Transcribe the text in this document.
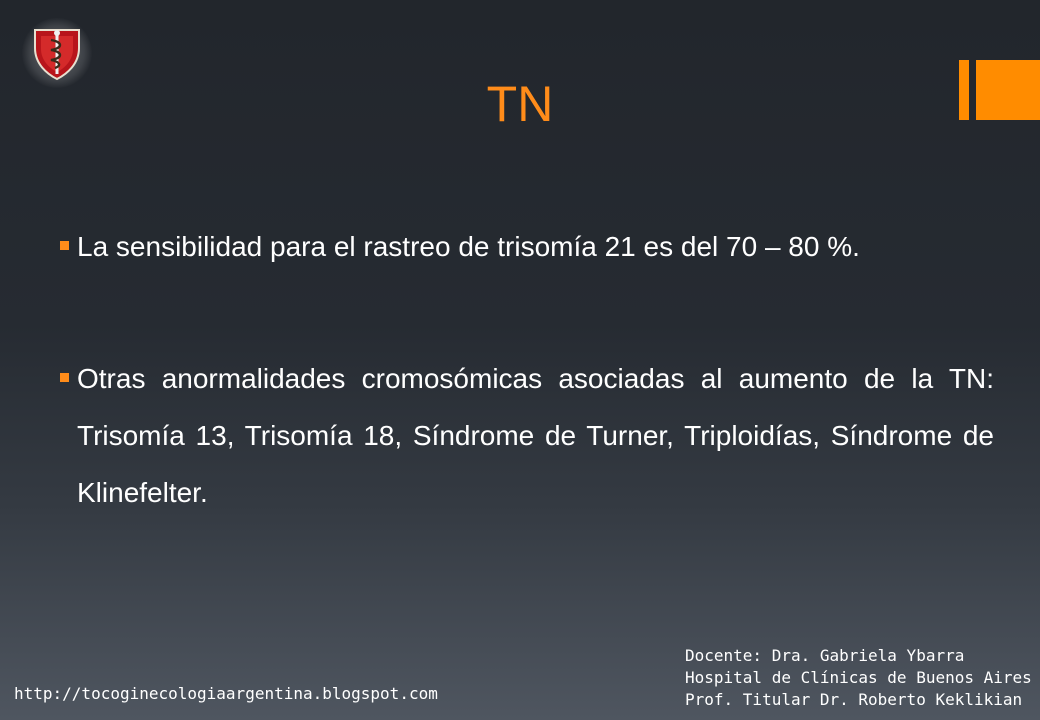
TN
La sensibilidad para el rastreo de trisomía 21 es del 70 – 80 %.
Otras anormalidades cromosómicas asociadas al aumento de la TN: Trisomía 13, Trisomía 18, Síndrome de Turner, Triploidías, Síndrome de Klinefelter.
http://tocoginecologiaargentina.blogspot.com
Docente: Dra. Gabriela Ybarra
Hospital de Clínicas de Buenos Aires
Prof. Titular Dr. Roberto Keklikian
